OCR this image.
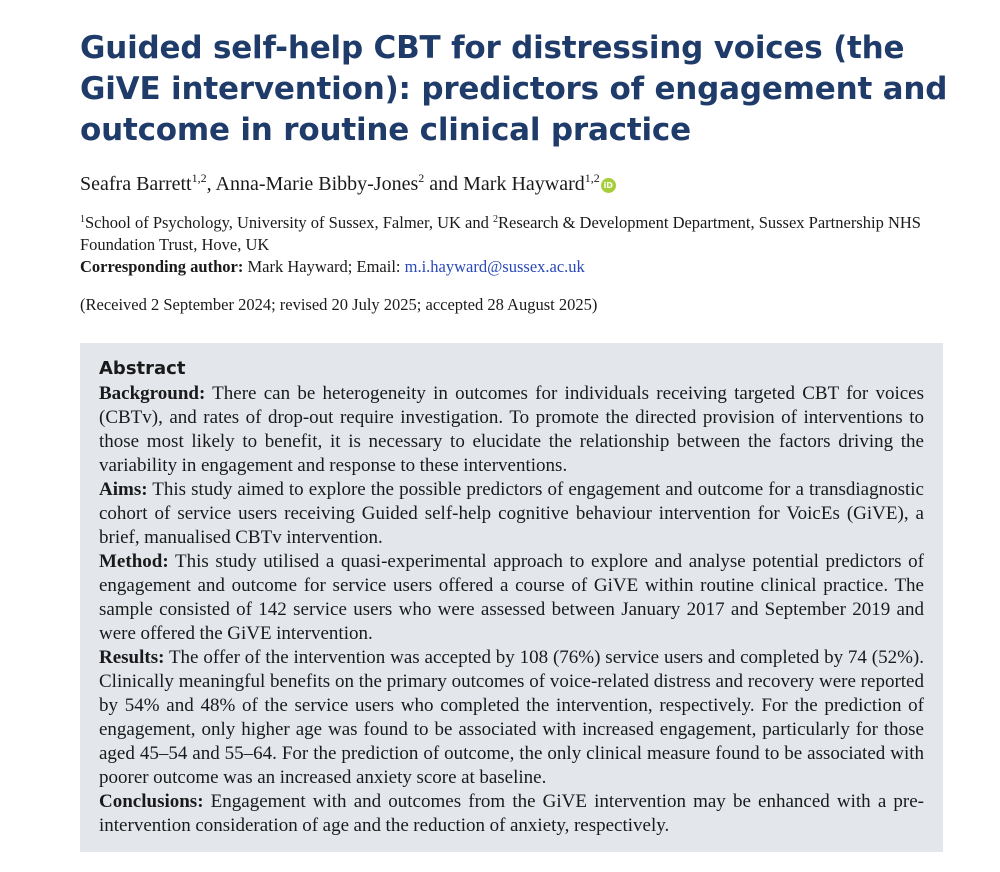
Guided self-help CBT for distressing voices (the GiVE intervention): predictors of engagement and outcome in routine clinical practice

Seafra Barrett$^{1,2}$, Anna-Marie Bibby-Jones$^2$ and Mark Hayward$^{1,2}$iD

$^1$School of Psychology, University of Sussex, Falmer, UK and $^2$Research & Development Department, Sussex Partnership NHS Foundation Trust, Hove, UK

Corresponding author: Mark Hayward; Email: m.i.hayward@sussex.ac.uk

(Received 2 September 2024; revised 20 July 2025; accepted 28 August 2025)

Abstract

Background: There can be heterogeneity in outcomes for individuals receiving targeted CBT for voices (CBTv), and rates of drop-out require investigation. To promote the directed provision of interventions to those most likely to benefit, it is necessary to elucidate the relationship between the factors driving the variability in engagement and response to these interventions.

Aims: This study aimed to explore the possible predictors of engagement and outcome for a transdiagnostic cohort of service users receiving Guided self-help cognitive behaviour intervention for VoicEs (GiVE), a brief, manualised CBTv intervention.

Method: This study utilised a quasi-experimental approach to explore and analyse potential predictors of engagement and outcome for service users offered a course of GiVE within routine clinical practice. The sample consisted of 142 service users who were assessed between January 2017 and September 2019 and were offered the GiVE intervention.

Results: The offer of the intervention was accepted by 108 (76%) service users and completed by 74 (52%). Clinically meaningful benefits on the primary outcomes of voice-related distress and recovery were reported by 54% and 48% of the service users who completed the intervention, respectively. For the prediction of engagement, only higher age was found to be associated with increased engagement, particularly for those aged 45–54 and 55–64. For the prediction of outcome, the only clinical measure found to be associated with poorer outcome was an increased anxiety score at baseline.

Conclusions: Engagement with and outcomes from the GiVE intervention may be enhanced with a pre-intervention consideration of age and the reduction of anxiety, respectively.
